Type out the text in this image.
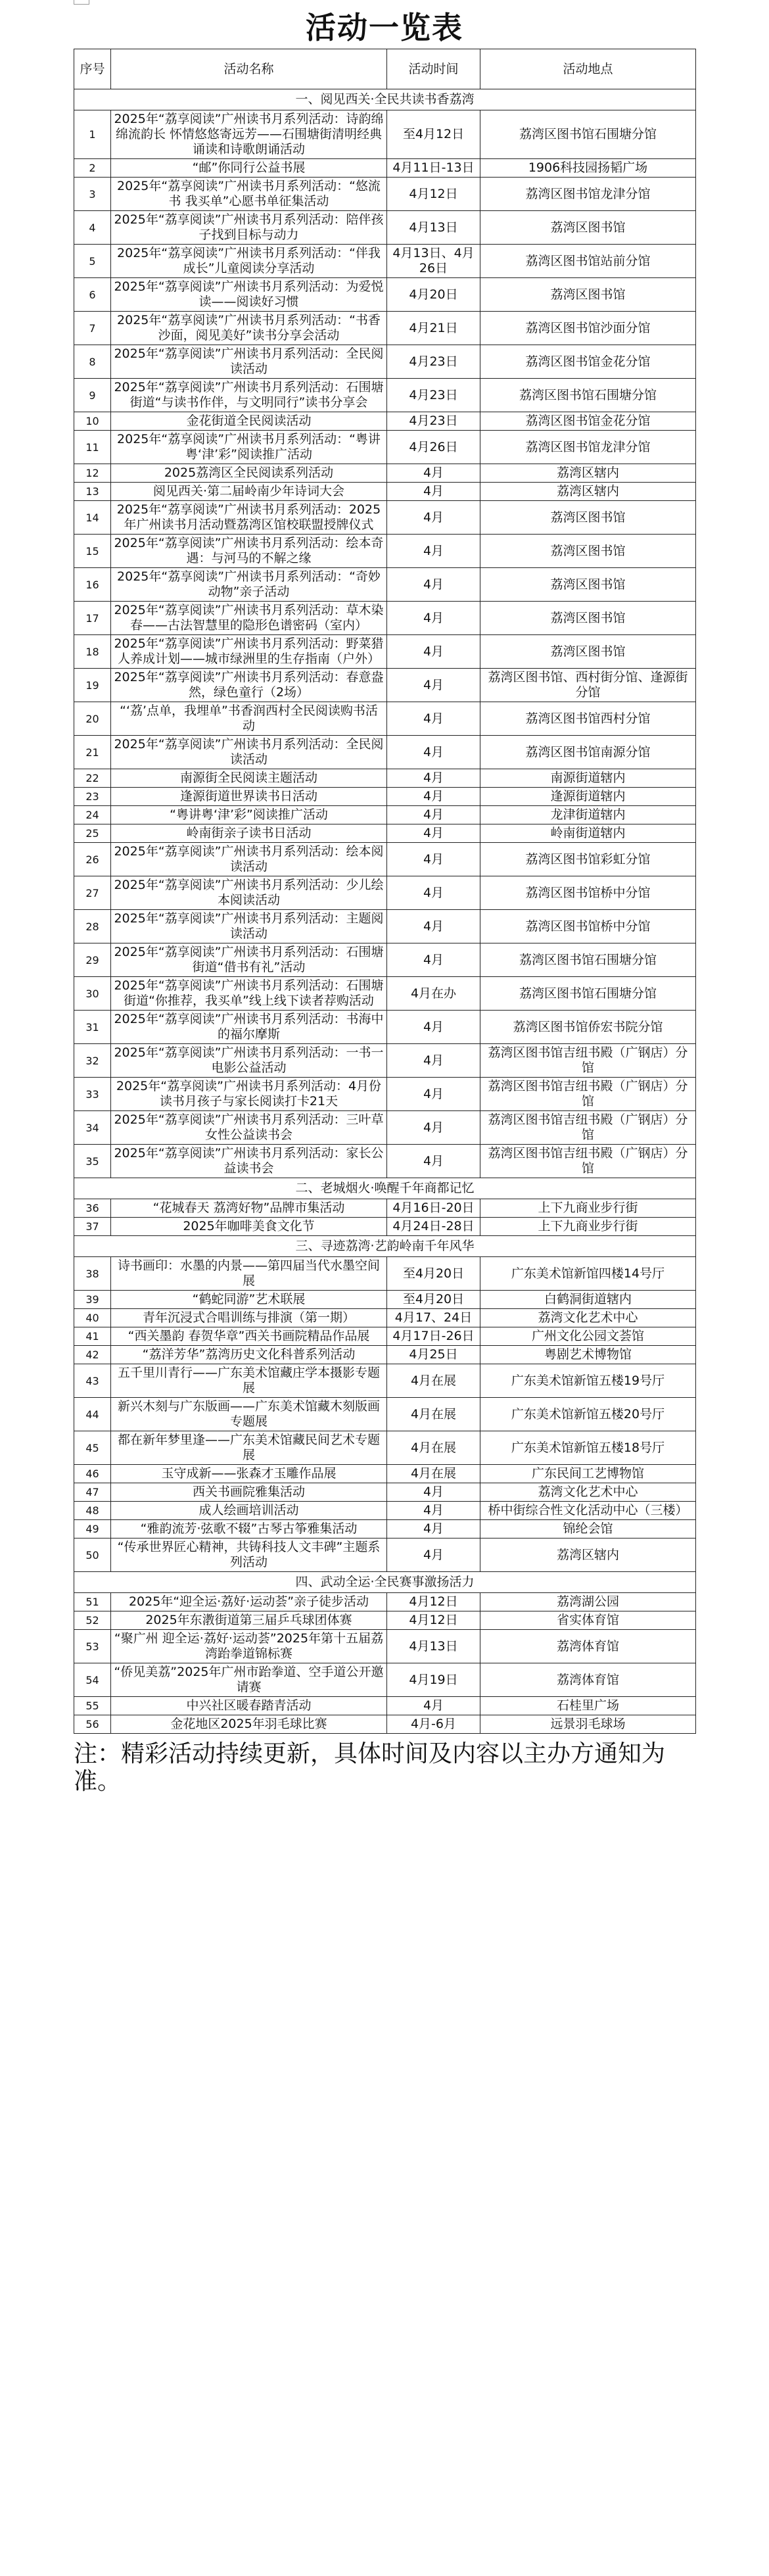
活动一览表
序号	活动名称	活动时间	活动地点
一、阅见西关·全民共读书香荔湾			
1	2025年“荔享阅读”广州读书月系列活动：诗韵绵绵流韵长 怀情悠悠寄远芳——石围塘街清明经典诵读和诗歌朗诵活动	至4月12日	荔湾区图书馆石围塘分馆
2	“邮”你同行公益书展	4月11日-13日	1906科技园扬韬广场
3	2025年“荔享阅读”广州读书月系列活动：“悠流书 我买单”心愿书单征集活动	4月12日	荔湾区图书馆龙津分馆
4	2025年“荔享阅读”广州读书月系列活动：陪伴孩子找到目标与动力	4月13日	荔湾区图书馆
5	2025年“荔享阅读”广州读书月系列活动：“伴我成长”儿童阅读分享活动	4月13日、4月26日	荔湾区图书馆站前分馆
6	2025年“荔享阅读”广州读书月系列活动：为爱悦读——阅读好习惯	4月20日	荔湾区图书馆
7	2025年“荔享阅读”广州读书月系列活动：“书香沙面，阅见美好”读书分享会活动	4月21日	荔湾区图书馆沙面分馆
8	2025年“荔享阅读”广州读书月系列活动：全民阅读活动	4月23日	荔湾区图书馆金花分馆
9	2025年“荔享阅读”广州读书月系列活动：石围塘街道“与读书作伴，与文明同行”读书分享会	4月23日	荔湾区图书馆石围塘分馆
10	金花街道全民阅读活动	4月23日	荔湾区图书馆金花分馆
11	2025年“荔享阅读”广州读书月系列活动：“粤讲粤‘津’彩”阅读推广活动	4月26日	荔湾区图书馆龙津分馆
12	2025荔湾区全民阅读系列活动	4月	荔湾区辖内
13	阅见西关·第二届岭南少年诗词大会	4月	荔湾区辖内
14	2025年“荔享阅读”广州读书月系列活动：2025年广州读书月活动暨荔湾区馆校联盟授牌仪式	4月	荔湾区图书馆
15	2025年“荔享阅读”广州读书月系列活动：绘本奇遇：与河马的不解之缘	4月	荔湾区图书馆
16	2025年“荔享阅读”广州读书月系列活动：“奇妙动物”亲子活动	4月	荔湾区图书馆
17	2025年“荔享阅读”广州读书月系列活动：草木染春——古法智慧里的隐形色谱密码（室内）	4月	荔湾区图书馆
18	2025年“荔享阅读”广州读书月系列活动：野菜猎人养成计划——城市绿洲里的生存指南（户外）	4月	荔湾区图书馆
19	2025年“荔享阅读”广州读书月系列活动：春意盎然，绿色童行（2场）	4月	荔湾区图书馆、西村街分馆、逢源街分馆
20	“‘荔’点单，我埋单”书香润西村全民阅读购书活动	4月	荔湾区图书馆西村分馆
21	2025年“荔享阅读”广州读书月系列活动：全民阅读活动	4月	荔湾区图书馆南源分馆
22	南源街全民阅读主题活动	4月	南源街道辖内
23	逢源街道世界读书日活动	4月	逢源街道辖内
24	“粤讲粤‘津’彩”阅读推广活动	4月	龙津街道辖内
25	岭南街亲子读书日活动	4月	岭南街道辖内
26	2025年“荔享阅读”广州读书月系列活动：绘本阅读活动	4月	荔湾区图书馆彩虹分馆
27	2025年“荔享阅读”广州读书月系列活动：少儿绘本阅读活动	4月	荔湾区图书馆桥中分馆
28	2025年“荔享阅读”广州读书月系列活动：主题阅读活动	4月	荔湾区图书馆桥中分馆
29	2025年“荔享阅读”广州读书月系列活动：石围塘街道“借书有礼”活动	4月	荔湾区图书馆石围塘分馆
30	2025年“荔享阅读”广州读书月系列活动：石围塘街道“你推荐，我买单”线上线下读者荐购活动	4月在办	荔湾区图书馆石围塘分馆
31	2025年“荔享阅读”广州读书月系列活动：书海中的福尔摩斯	4月	荔湾区图书馆侨宏书院分馆
32	2025年“荔享阅读”广州读书月系列活动：一书一电影公益活动	4月	荔湾区图书馆吉纽书殿（广钢店）分馆
33	2025年“荔享阅读”广州读书月系列活动：4月份读书月孩子与家长阅读打卡21天	4月	荔湾区图书馆吉纽书殿（广钢店）分馆
34	2025年“荔享阅读”广州读书月系列活动：三叶草女性公益读书会	4月	荔湾区图书馆吉纽书殿（广钢店）分馆
35	2025年“荔享阅读”广州读书月系列活动：家长公益读书会	4月	荔湾区图书馆吉纽书殿（广钢店）分馆
二、老城烟火·唤醒千年商都记忆			
36	“花城春天 荔湾好物”品牌市集活动	4月16日-20日	上下九商业步行街
37	2025年咖啡美食文化节	4月24日-28日	上下九商业步行街
三、寻迹荔湾·艺韵岭南千年风华			
38	诗书画印：水墨的内景——第四届当代水墨空间展	至4月20日	广东美术馆新馆四楼14号厅
39	“鹤蛇同游”艺术联展	至4月20日	白鹤洞街道辖内
40	青年沉浸式合唱训练与排演（第一期）	4月17、24日	荔湾文化艺术中心
41	“西关墨韵 春贺华章”西关书画院精品作品展	4月17日-26日	广州文化公园文荟馆
42	“荔洋芳华”荔湾历史文化科普系列活动	4月25日	粤剧艺术博物馆
43	五千里川青行——广东美术馆藏庄学本摄影专题展	4月在展	广东美术馆新馆五楼19号厅
44	新兴木刻与广东版画——广东美术馆藏木刻版画专题展	4月在展	广东美术馆新馆五楼20号厅
45	都在新年梦里逢——广东美术馆藏民间艺术专题展	4月在展	广东美术馆新馆五楼18号厅
46	玉守成新——张森才玉雕作品展	4月在展	广东民间工艺博物馆
47	西关书画院雅集活动	4月	荔湾文化艺术中心
48	成人绘画培训活动	4月	桥中街综合性文化活动中心（三楼）
49	“雅韵流芳·弦歌不辍”古琴古筝雅集活动	4月	锦纶会馆
50	“传承世界匠心精神，共铸科技人文丰碑”主题系列活动	4月	荔湾区辖内
四、武动全运·全民赛事激扬活力			
51	2025年“迎全运·荔好·运动荟”亲子徒步活动	4月12日	荔湾湖公园
52	2025年东漖街道第三届乒乓球团体赛	4月12日	省实体育馆
53	“聚广州 迎全运·荔好·运动荟”2025年第十五届荔湾跆拳道锦标赛	4月13日	荔湾体育馆
54	“侨见美荔”2025年广州市跆拳道、空手道公开邀请赛	4月19日	荔湾体育馆
55	中兴社区暖春踏青活动	4月	石桂里广场
56	金花地区2025年羽毛球比赛	4月-6月	远景羽毛球场
注：精彩活动持续更新，具体时间及内容以主办方通知为准。
